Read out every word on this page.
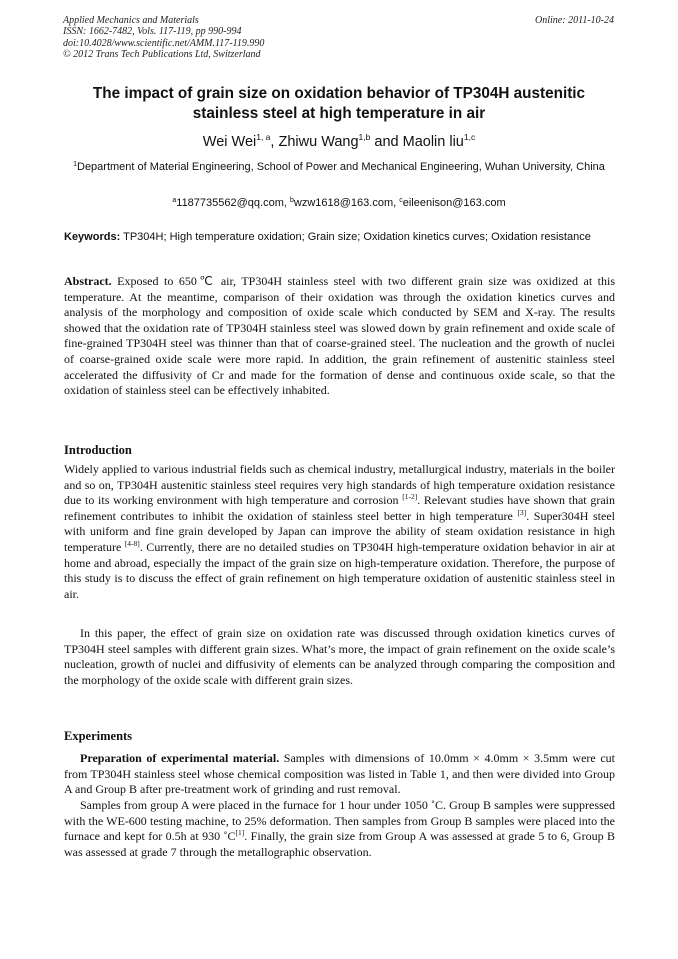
Applied Mechanics and Materials
ISSN: 1662-7482, Vols. 117-119, pp 990-994
doi:10.4028/www.scientific.net/AMM.117-119.990
© 2012 Trans Tech Publications Ltd, Switzerland
Online: 2011-10-24
The impact of grain size on oxidation behavior of TP304H austenitic stainless steel at high temperature in air
Wei Wei$^{1, a}$, Zhiwu Wang$^{1,b}$ and Maolin liu$^{1,c}$
$^1$Department of Material Engineering, School of Power and Mechanical Engineering, Wuhan University, China
$^a$1187735562@qq.com, $^b$wzw1618@163.com, $^c$eileenison@163.com
Keywords: TP304H; High temperature oxidation; Grain size; Oxidation kinetics curves; Oxidation resistance
Abstract. Exposed to 650℃ air, TP304H stainless steel with two different grain size was oxidized at this temperature. At the meantime, comparison of their oxidation was through the oxidation kinetics curves and analysis of the morphology and composition of oxide scale which conducted by SEM and X-ray. The results showed that the oxidation rate of TP304H stainless steel was slowed down by grain refinement and oxide scale of fine-grained TP304H steel was thinner than that of coarse-grained steel. The nucleation and the growth of nuclei of coarse-grained oxide scale were more rapid. In addition, the grain refinement of austenitic stainless steel accelerated the diffusivity of Cr and made for the formation of dense and continuous oxide scale, so that the oxidation of stainless steel can be effectively inhabited.
Introduction
Widely applied to various industrial fields such as chemical industry, metallurgical industry, materials in the boiler and so on, TP304H austenitic stainless steel requires very high standards of high temperature oxidation resistance due to its working environment with high temperature and corrosion [1-2]. Relevant studies have shown that grain refinement contributes to inhibit the oxidation of stainless steel better in high temperature [3]. Super304H steel with uniform and fine grain developed by Japan can improve the ability of steam oxidation resistance in high temperature [4-8]. Currently, there are no detailed studies on TP304H high-temperature oxidation behavior in air at home and abroad, especially the impact of the grain size on high-temperature oxidation. Therefore, the purpose of this study is to discuss the effect of grain refinement on high temperature oxidation of austenitic stainless steel in air.
In this paper, the effect of grain size on oxidation rate was discussed through oxidation kinetics curves of TP304H steel samples with different grain sizes. What’s more, the impact of grain refinement on the oxide scale’s nucleation, growth of nuclei and diffusivity of elements can be analyzed through comparing the composition and the morphology of the oxide scale with different grain sizes.
Experiments
Preparation of experimental material. Samples with dimensions of 10.0mm × 4.0mm × 3.5mm were cut from TP304H stainless steel whose chemical composition was listed in Table 1, and then were divided into Group A and Group B after pre-treatment work of grinding and rust removal.
Samples from group A were placed in the furnace for 1 hour under 1050 ˚C. Group B samples were suppressed with the WE-600 testing machine, to 25% deformation. Then samples from Group B samples were placed into the furnace and kept for 0.5h at 930 ˚C[1]. Finally, the grain size from Group A was assessed at grade 5 to 6, Group B was assessed at grade 7 through the metallographic observation.
